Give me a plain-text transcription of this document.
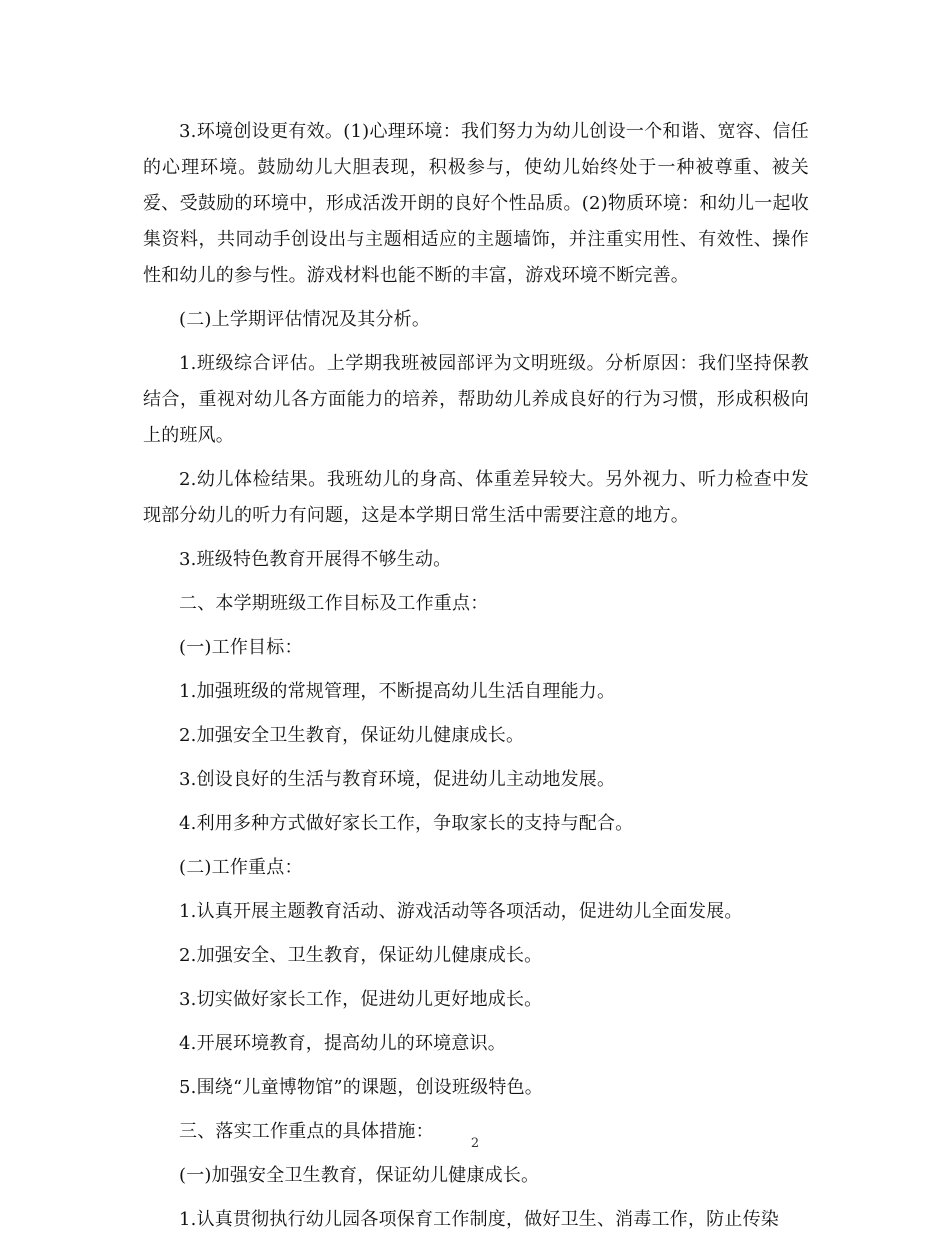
3.环境创设更有效。(1)心理环境：我们努力为幼儿创设一个和谐、宽容、信任的心理环境。鼓励幼儿大胆表现，积极参与，使幼儿始终处于一种被尊重、被关爱、受鼓励的环境中，形成活泼开朗的良好个性品质。(2)物质环境：和幼儿一起收集资料，共同动手创设出与主题相适应的主题墙饰，并注重实用性、有效性、操作性和幼儿的参与性。游戏材料也能不断的丰富，游戏环境不断完善。

(二)上学期评估情况及其分析。

1.班级综合评估。上学期我班被园部评为文明班级。分析原因：我们坚持保教结合，重视对幼儿各方面能力的培养，帮助幼儿养成良好的行为习惯，形成积极向上的班风。

2.幼儿体检结果。我班幼儿的身高、体重差异较大。另外视力、听力检查中发现部分幼儿的听力有问题，这是本学期日常生活中需要注意的地方。

3.班级特色教育开展得不够生动。

二、本学期班级工作目标及工作重点：

(一)工作目标：

1.加强班级的常规管理，不断提高幼儿生活自理能力。

2.加强安全卫生教育，保证幼儿健康成长。

3.创设良好的生活与教育环境，促进幼儿主动地发展。

4.利用多种方式做好家长工作，争取家长的支持与配合。

(二)工作重点：

1.认真开展主题教育活动、游戏活动等各项活动，促进幼儿全面发展。

2.加强安全、卫生教育，保证幼儿健康成长。

3.切实做好家长工作，促进幼儿更好地成长。

4.开展环境教育，提高幼儿的环境意识。

5.围绕“儿童博物馆”的课题，创设班级特色。

三、落实工作重点的具体措施：

(一)加强安全卫生教育，保证幼儿健康成长。

1.认真贯彻执行幼儿园各项保育工作制度，做好卫生、消毒工作，防止传染

2
